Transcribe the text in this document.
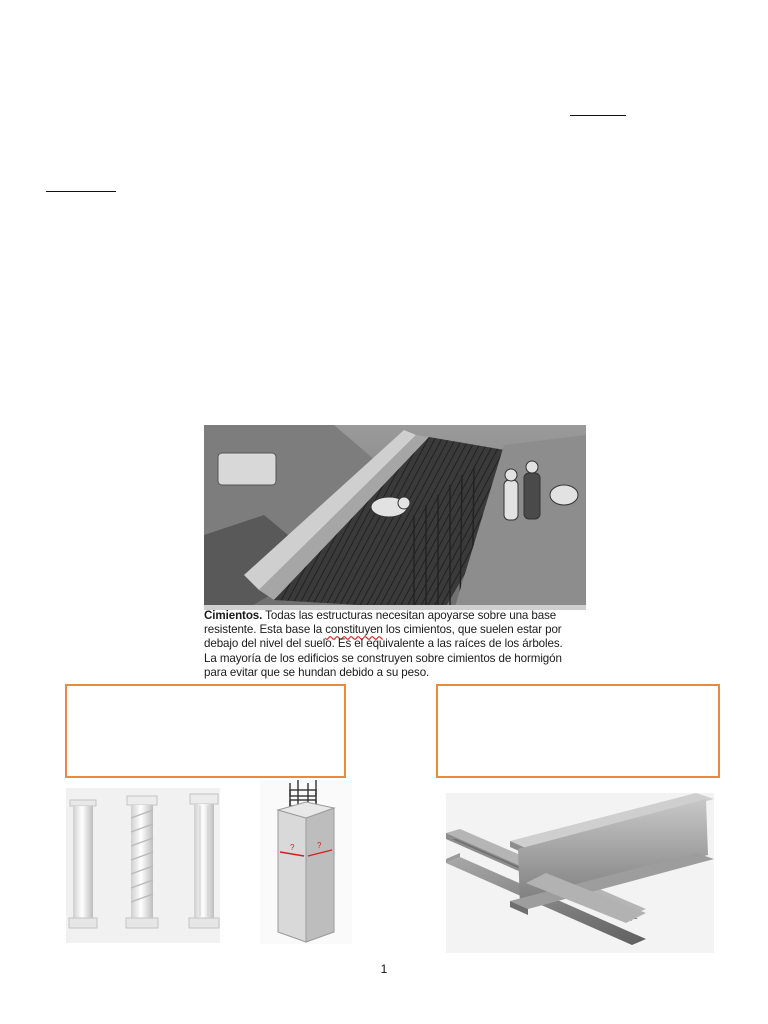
Cimientos. Todas las estructuras necesitan apoyarse sobre una base
resistente. Esta base la constituyen los cimientos, que suelen estar por
debajo del nivel del suelo. Es el equivalente a las raíces de los árboles.
La mayoría de los edificios se construyen sobre cimientos de hormigón
para evitar que se hundan debido a su peso.
?	?
1
